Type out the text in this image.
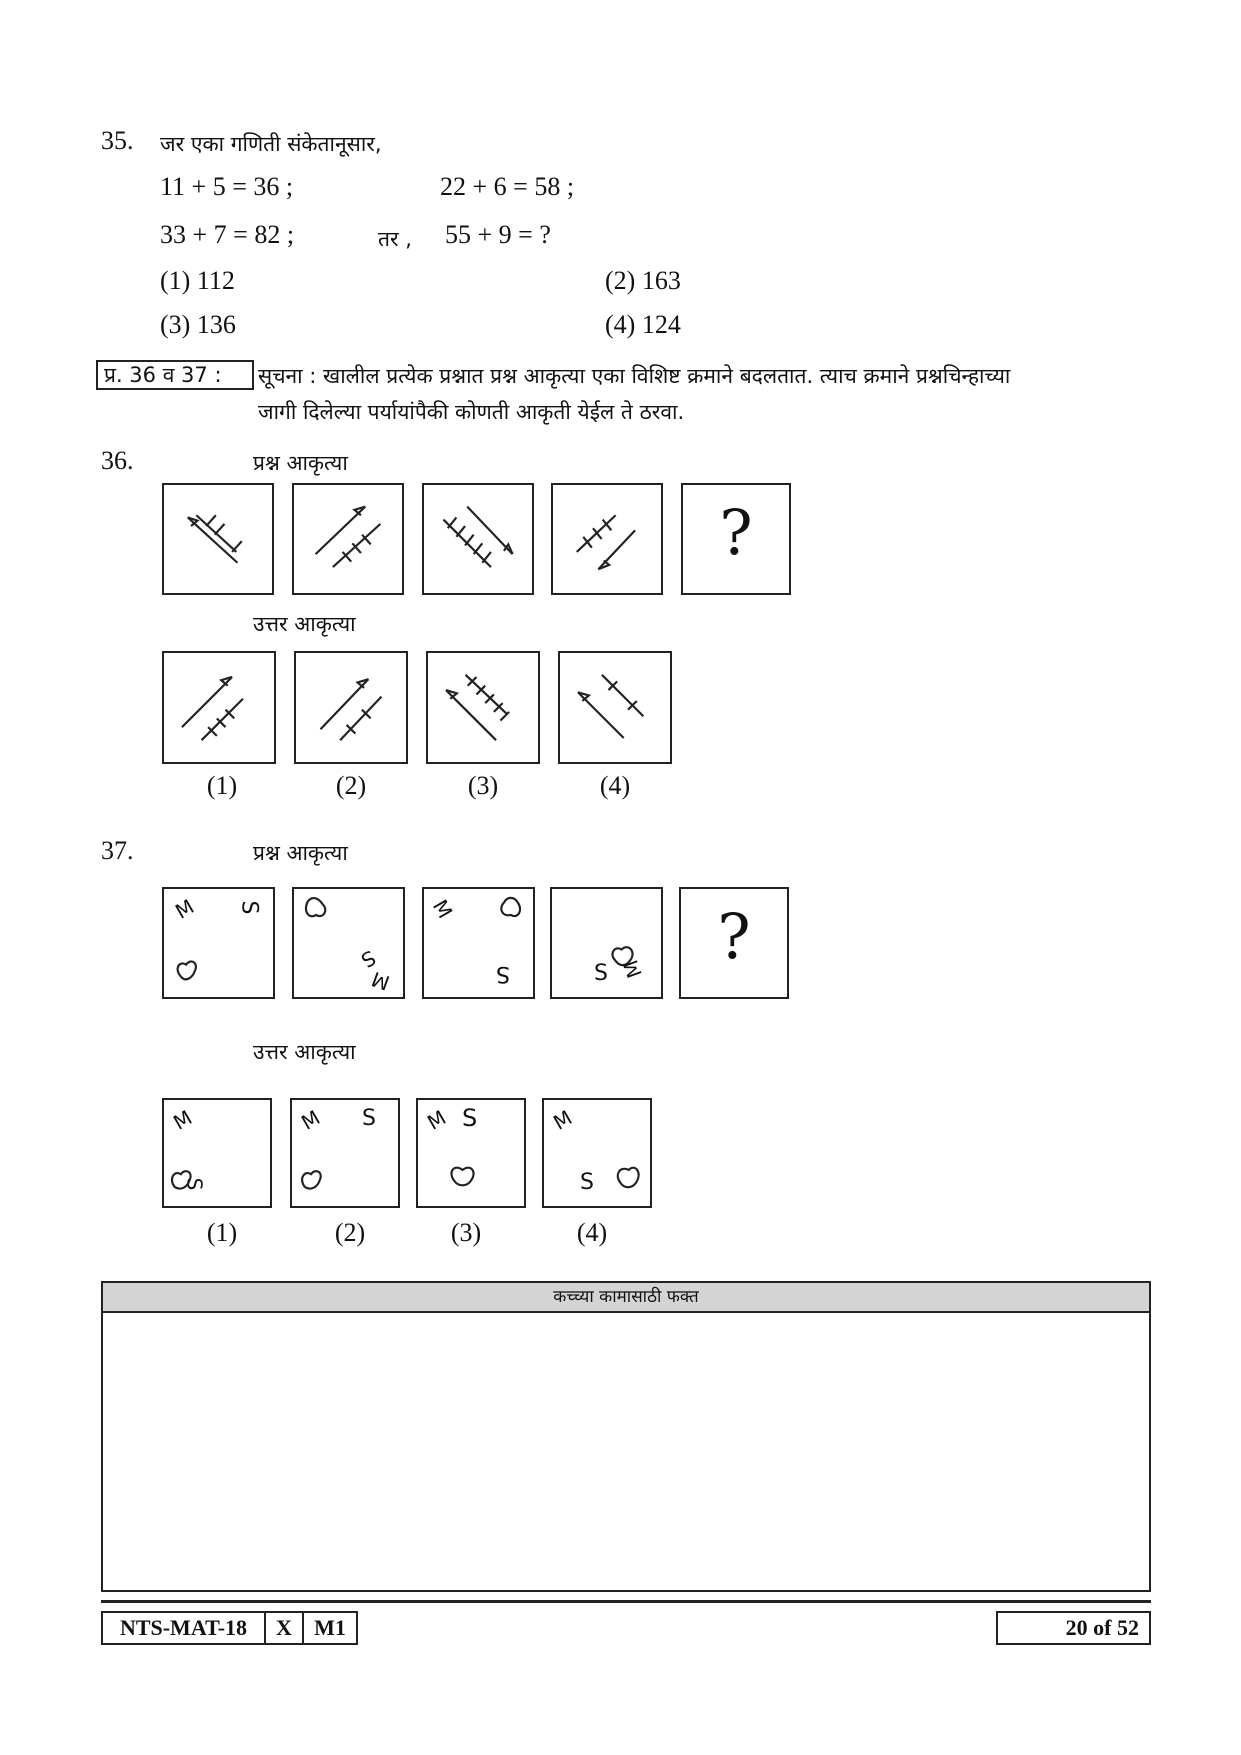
35. जर एका गणिती संकेतानूसार,
11 + 5 = 36 ;	22 + 6 = 58 ;
33 + 7 = 82 ;	तर , 55 + 9 = ?
(1) 112	(2) 163
(3) 136	(4) 124
प्र. 36 व 37 :	सूचना : खालील प्रत्येक प्रश्नात प्रश्न आकृत्या एका विशिष्ट क्रमाने बदलतात. त्याच क्रमाने प्रश्नचिन्हाच्या
जागी दिलेल्या पर्यायांपैकी कोणती आकृती येईल ते ठरवा.
36.	प्रश्न आकृत्या
?
उत्तर आकृत्या
(1)	(2)	(3)	(4)
37.	प्रश्न आकृत्या
M S
S
M
M
S	S M	?
उत्तर आकृत्या
M
S
M S M S	M
S
(1)	(2)	(3)	(4)
कच्च्या कामासाठी फक्त
NTS-MAT-18	X	M1	20 of 52
